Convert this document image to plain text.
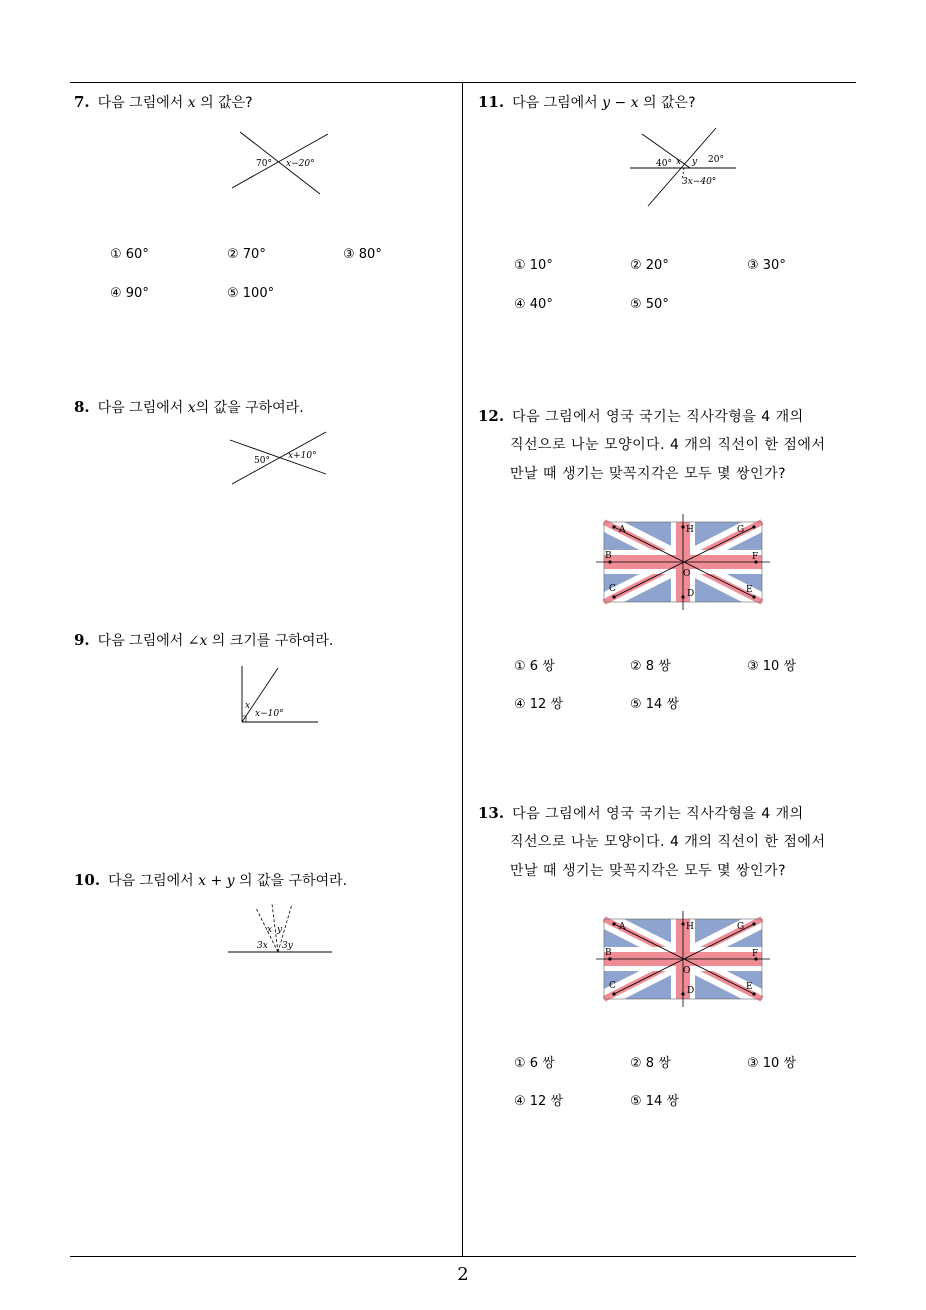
7. 다음 그림에서 x 의 값은?
70° x−20°
① 60°	② 70°	③ 80°
④ 90°	⑤ 100°
8. 다음 그림에서 x의 값을 구하여라.
50° x+10°
9. 다음 그림에서 ∠x 의 크기를 구하여라.
x
x−10°
10. 다음 그림에서 x + y 의 값을 구하여라.
x y
3x 3y
11. 다음 그림에서 y − x 의 값은?
40° x y 20°
3x−40°
① 10°	② 20°	③ 30°
④ 40°	⑤ 50°
12. 다음 그림에서 영국 국기는 직사각형을 4 개의
직선으로 나눈 모양이다. 4 개의 직선이 한 점에서
만날 때 생기는 맞꼭지각은 모두 몇 쌍인가?
A	H	G
B	F
O
C	D	E
① 6 쌍	② 8 쌍	③ 10 쌍
④ 12 쌍	⑤ 14 쌍
13. 다음 그림에서 영국 국기는 직사각형을 4 개의
직선으로 나눈 모양이다. 4 개의 직선이 한 점에서
만날 때 생기는 맞꼭지각은 모두 몇 쌍인가?
A	H	G
B	F
O
C	D	E
① 6 쌍	② 8 쌍	③ 10 쌍
④ 12 쌍	⑤ 14 쌍
2
